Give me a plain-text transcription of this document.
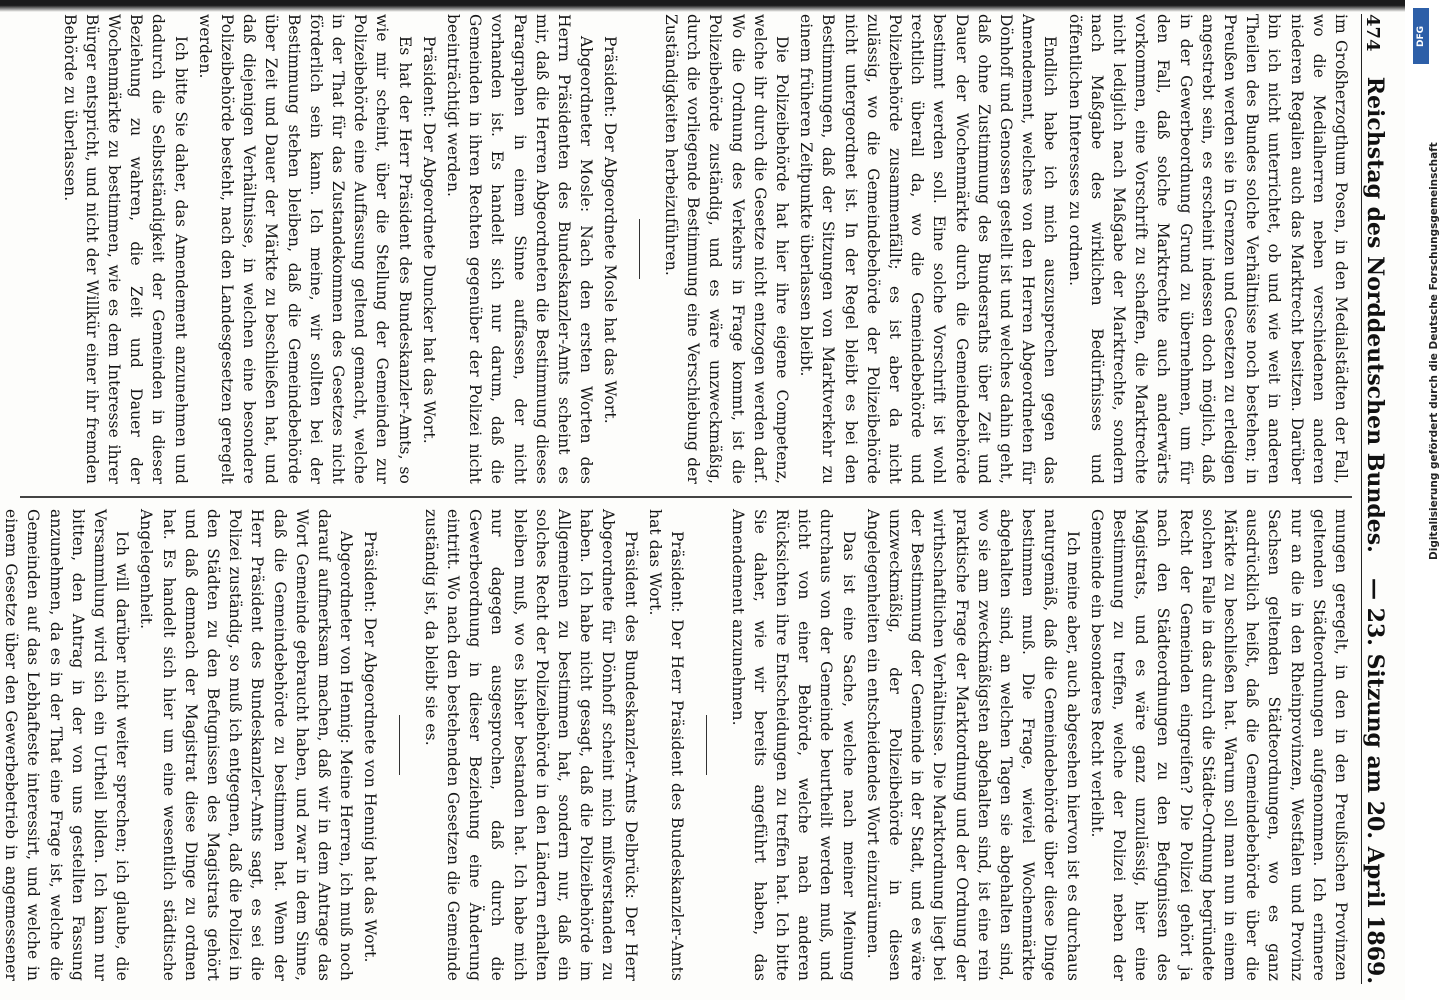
474
Reichstag des Norddeutschen Bundes.
— 23. Sitzung am 20. April 1869.

im Großherzogthum Posen, in den Medialstädten der Fall, wo die Medialherren neben verschiedenen anderen niederen Regalien auch das Marktrecht besitzen. Darüber bin ich nicht unterrichtet, ob und wie weit in anderen Theilen des Bundes solche Verhältnisse noch bestehen; in Preußen werden sie in Grenzen und Gesetzen zu erledigen angestrebt sein, es erscheint indessen doch möglich, daß in der Gewerbeordnung Grund zu übernehmen, um für den Fall, daß solche Marktrechte auch anderwärts vorkommen, eine Vorschrift zu schaffen, die Marktrechte nicht lediglich nach Maßgabe der Marktrechte, sondern nach Maßgabe des wirklichen Bedürfnisses und öffentlichen Interesses zu ordnen.

Endlich habe ich mich auszusprechen gegen das Amendement, welches von den Herren Abgeordneten für Dönhoff und Genossen gestellt ist und welches dahin geht, daß ohne Zustimmung des Bundesraths über Zeit und Dauer der Wochenmärkte durch die Gemeindebehörde bestimmt werden soll. Eine solche Vorschrift ist wohl rechtlich überall da, wo die Gemeindebehörde und Polizeibehörde zusammenfällt; es ist aber da nicht zulässig, wo die Gemeindebehörde der Polizeibehörde nicht untergeordnet ist. In der Regel bleibt es bei den Bestimmungen, daß der Sitzungen von Marktverkehr zu einem früheren Zeitpunkte überlassen bleibt.

Die Polizeibehörde hat hier ihre eigene Competenz, welche ihr durch die Gesetze nicht entzogen werden darf. Wo die Ordnung des Verkehrs in Frage kommt, ist die Polizeibehörde zuständig, und es wäre unzweckmäßig, durch die vorliegende Bestimmung eine Verschiebung der Zuständigkeiten herbeizuführen.

Präsident: Der Abgeordnete Mosle hat das Wort.

Abgeordneter Mosle: Nach den ersten Worten des Herrn Präsidenten des Bundeskanzler-Amts scheint es mir, daß die Herren Abgeordneten die Bestimmung dieses Paragraphen in einem Sinne auffassen, der nicht vorhanden ist. Es handelt sich nur darum, daß die Gemeinden in ihren Rechten gegenüber der Polizei nicht beeinträchtigt werden.

Präsident: Der Abgeordnete Duncker hat das Wort.

Es hat der Herr Präsident des Bundeskanzler-Amts, so wie mir scheint, über die Stellung der Gemeinden zur Polizeibehörde eine Auffassung geltend gemacht, welche in der That für das Zustandekommen des Gesetzes nicht förderlich sein kann. Ich meine, wir sollten bei der Bestimmung stehen bleiben, daß die Gemeindebehörde über Zeit und Dauer der Märkte zu beschließen hat, und daß diejenigen Verhältnisse, in welchen eine besondere Polizeibehörde besteht, nach den Landesgesetzen geregelt werden.

Ich bitte Sie daher, das Amendement anzunehmen und dadurch die Selbstständigkeit der Gemeinden in dieser Beziehung zu wahren, die Zeit und Dauer der Wochenmärkte zu bestimmen, wie es dem Interesse ihrer Bürger entspricht, und nicht der Willkür einer ihr fremden Behörde zu überlassen.

mungen geregelt, in den in den Preußischen Provinzen geltenden Städteordnungen aufgenommen. Ich erinnere nur an die in den Rheinprovinzen, Westfalen und Provinz Sachsen geltenden Städteordnungen, wo es ganz ausdrücklich heißt, daß die Gemeindebehörde über die Märkte zu beschließen hat. Warum soll man nun in einem solchen Falle in das durch die Städte-Ordnung begründete Recht der Gemeinden eingreifen? Die Polizei gehört ja nach den Städteordnungen zu den Befugnissen des Magistrats, und es wäre ganz unzulässig, hier eine Bestimmung zu treffen, welche der Polizei neben der Gemeinde ein besonderes Recht verleiht.

Ich meine aber, auch abgesehen hiervon ist es durchaus naturgemäß, daß die Gemeindebehörde über diese Dinge bestimmen muß. Die Frage, wieviel Wochenmärkte abgehalten sind, an welchen Tagen sie abgehalten sind, wo sie am zweckmäßigsten abgehalten sind, ist eine rein praktische Frage der Marktordnung und der Ordnung der wirthschaftlichen Verhältnisse. Die Marktordnung liegt bei der Bestimmung der Gemeinde in der Stadt, und es wäre unzweckmäßig, der Polizeibehörde in diesen Angelegenheiten ein entscheidendes Wort einzuräumen.

Das ist eine Sache, welche nach meiner Meinung durchaus von der Gemeinde beurtheilt werden muß, und nicht von einer Behörde, welche nach anderen Rücksichten ihre Entscheidungen zu treffen hat. Ich bitte Sie daher, wie wir bereits angeführt haben, das Amendement anzunehmen.

Präsident: Der Herr Präsident des Bundeskanzler-Amts hat das Wort.

Präsident des Bundeskanzler-Amts Delbrück: Der Herr Abgeordnete für Dönhoff scheint mich mißverstanden zu haben. Ich habe nicht gesagt, daß die Polizeibehörde im Allgemeinen zu bestimmen hat, sondern nur, daß ein solches Recht der Polizeibehörde in den Ländern erhalten bleiben muß, wo es bisher bestanden hat. Ich habe mich nur dagegen ausgesprochen, daß durch die Gewerbeordnung in dieser Beziehung eine Änderung eintritt. Wo nach den bestehenden Gesetzen die Gemeinde zuständig ist, da bleibt sie es.

Präsident: Der Abgeordnete von Hennig hat das Wort.

Abgeordneter von Hennig: Meine Herren, ich muß noch darauf aufmerksam machen, daß wir in dem Antrage das Wort Gemeinde gebraucht haben, und zwar in dem Sinne, daß die Gemeindebehörde zu bestimmen hat. Wenn der Herr Präsident des Bundeskanzler-Amts sagt, es sei die Polizei zuständig, so muß ich entgegnen, daß die Polizei in den Städten zu den Befugnissen des Magistrats gehört und daß demnach der Magistrat diese Dinge zu ordnen hat. Es handelt sich hier um eine wesentlich städtische Angelegenheit.

Ich will darüber nicht weiter sprechen; ich glaube, die Versammlung wird sich ein Urtheil bilden. Ich kann nur bitten, den Antrag in der von uns gestellten Fassung anzunehmen, da es in der That eine Frage ist, welche die Gemeinden auf das Lebhafteste interessirt, und welche in einem Gesetze über den Gewerbebetrieb in angemessener

DFG
Digitalisierung gefördert durch die Deutsche Forschungsgemeinschaft
